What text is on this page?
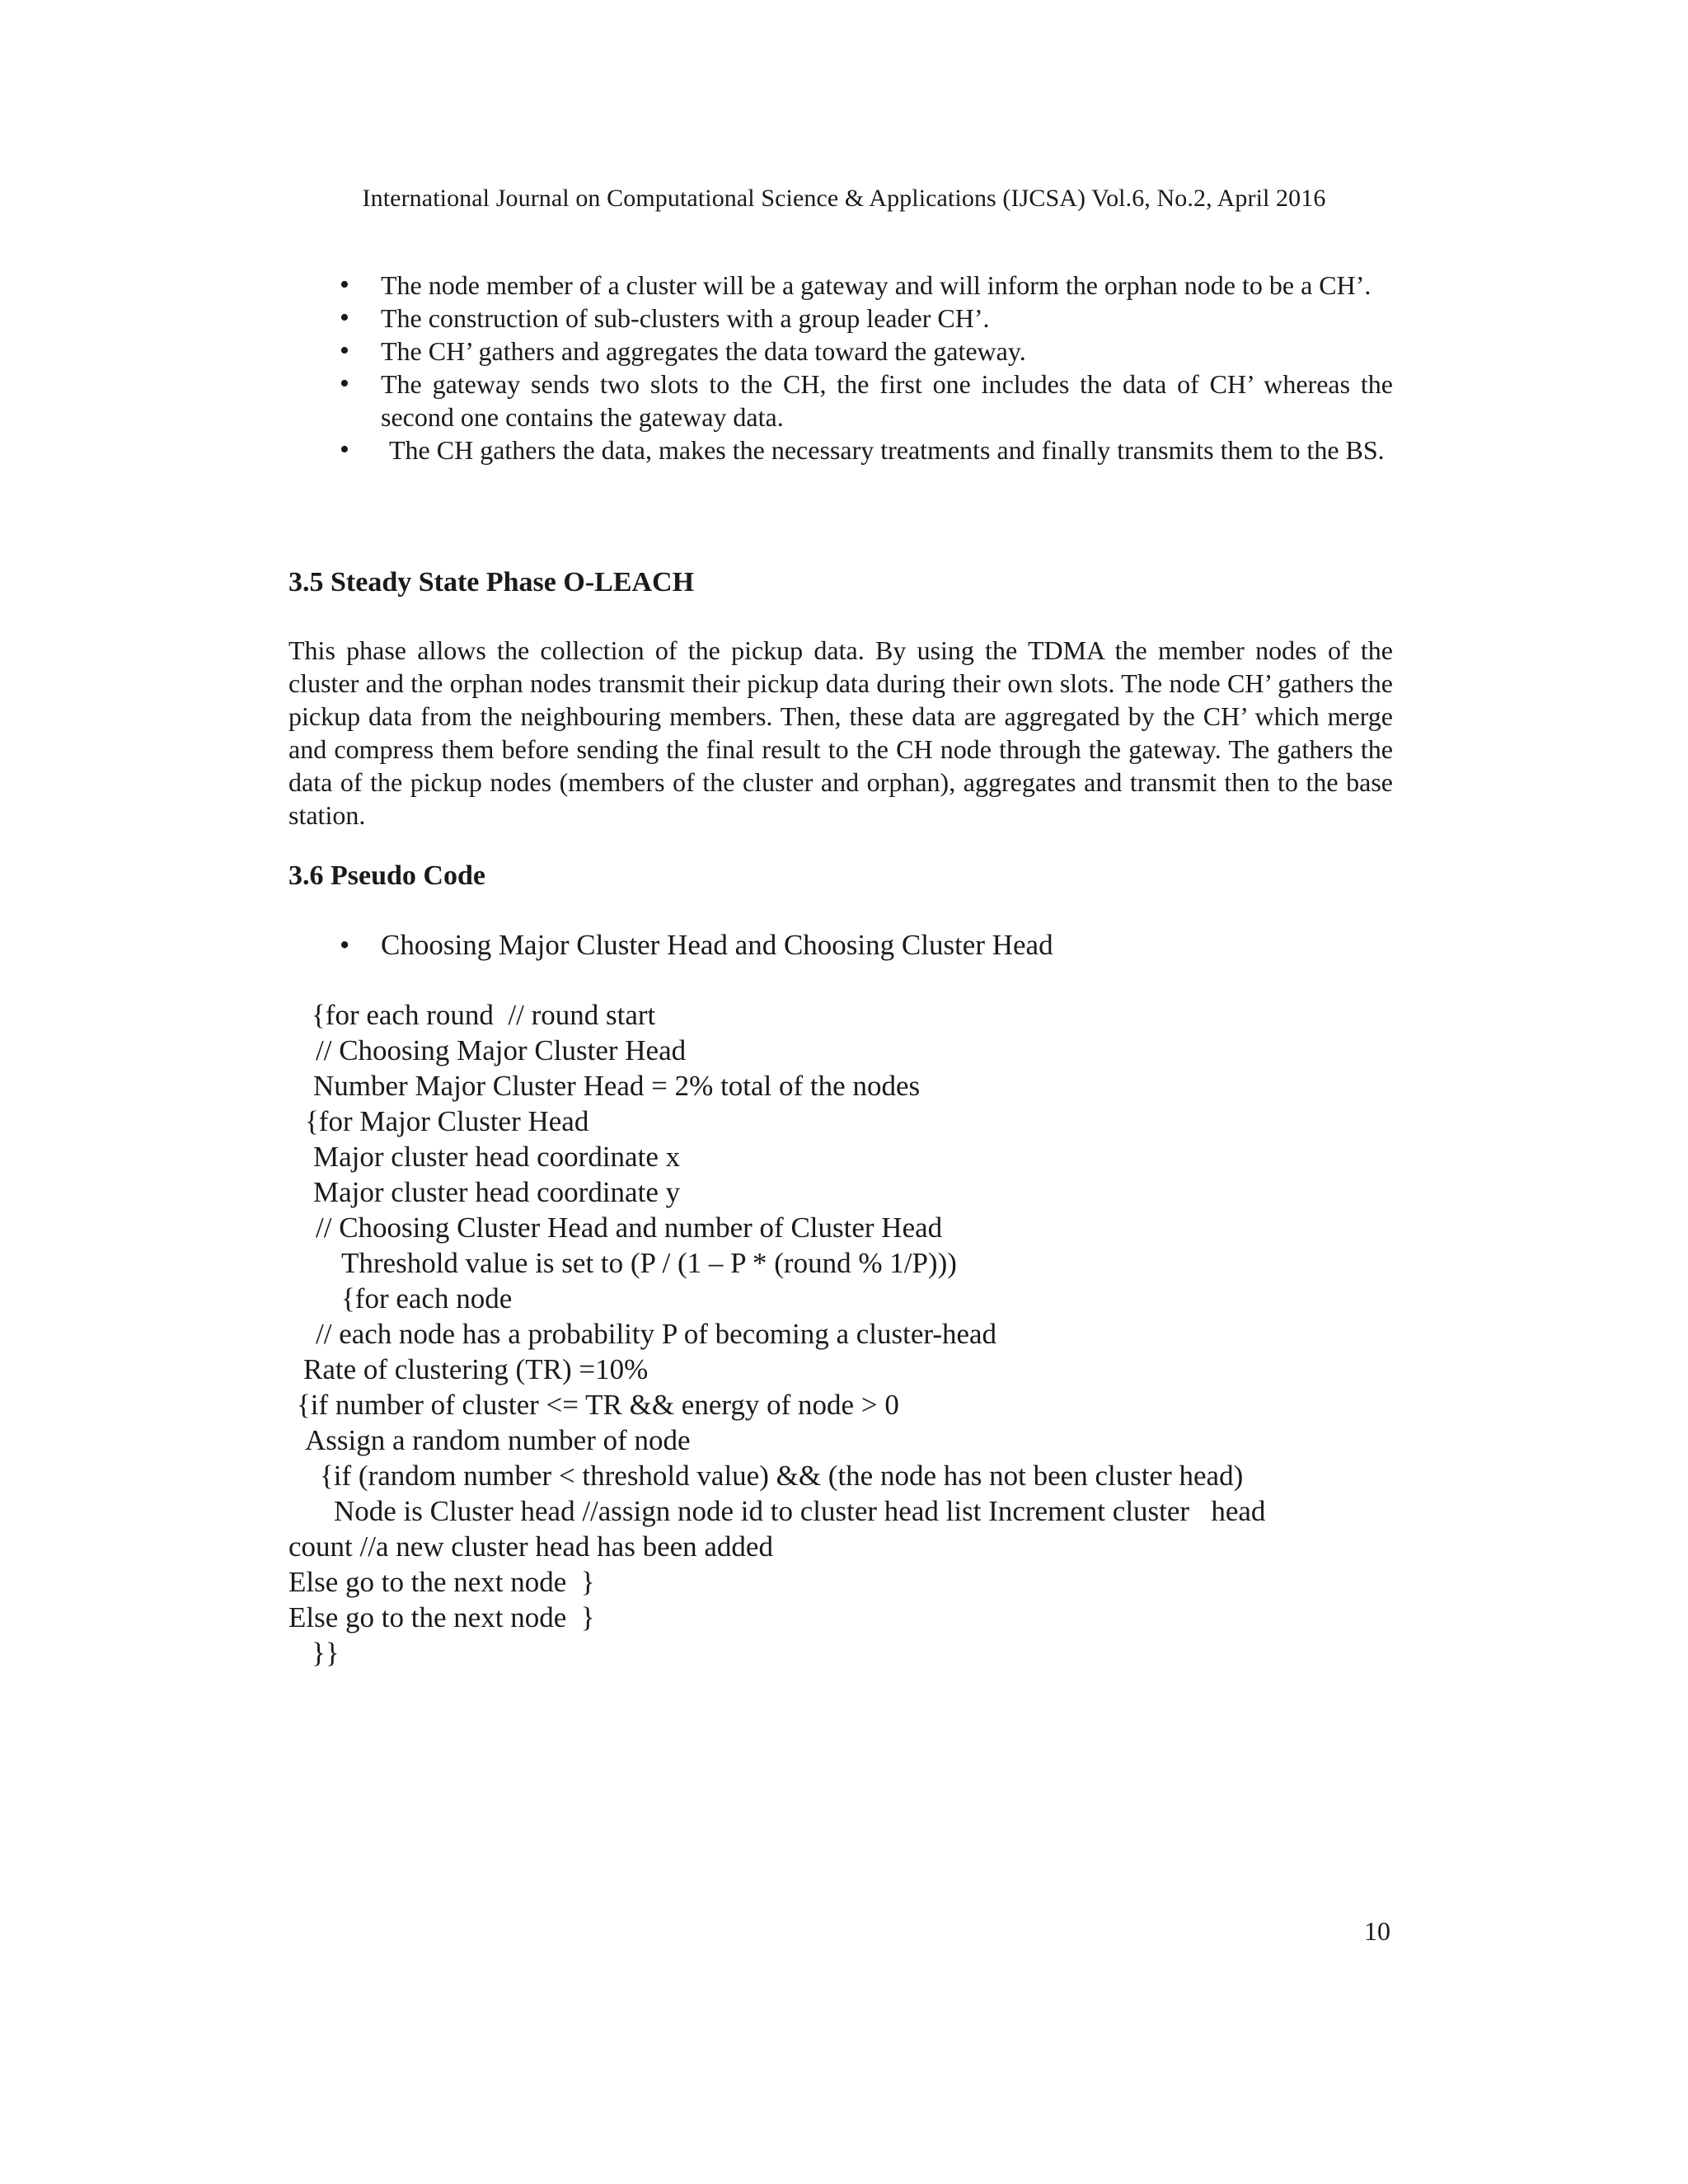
International Journal on Computational Science & Applications (IJCSA) Vol.6, No.2, April 2016
• The node member of a cluster will be a gateway and will inform the orphan node to be a CH’.
• The construction of sub-clusters with a group leader CH’.
• The CH’ gathers and aggregates the data toward the gateway.
• The gateway sends two slots to the CH, the first one includes the data of CH’ whereas the second one contains the gateway data.
• The CH gathers the data, makes the necessary treatments and finally transmits them to the BS.
3.5 Steady State Phase O-LEACH
This phase allows the collection of the pickup data. By using the TDMA the member nodes of the cluster and the orphan nodes transmit their pickup data during their own slots. The node CH’ gathers the pickup data from the neighbouring members. Then, these data are aggregated by the CH’ which merge and compress them before sending the final result to the CH node through the gateway. The gathers the data of the pickup nodes (members of the cluster and orphan), aggregates and transmit then to the base station.
3.6 Pseudo Code
• Choosing Major Cluster Head and Choosing Cluster Head
{for each round  // round start
// Choosing Major Cluster Head
Number Major Cluster Head = 2% total of the nodes
{for Major Cluster Head
Major cluster head coordinate x
Major cluster head coordinate y
// Choosing Cluster Head and number of Cluster Head
Threshold value is set to (P / (1 – P * (round % 1/P)))
{for each node
// each node has a probability P of becoming a cluster-head
Rate of clustering (TR) =10%
{if number of cluster <= TR && energy of node > 0
Assign a random number of node
{if (random number < threshold value) && (the node has not been cluster head)
Node is Cluster head //assign node id to cluster head list Increment cluster   head
count //a new cluster head has been added
Else go to the next node  }
Else go to the next node  }
}}
10
